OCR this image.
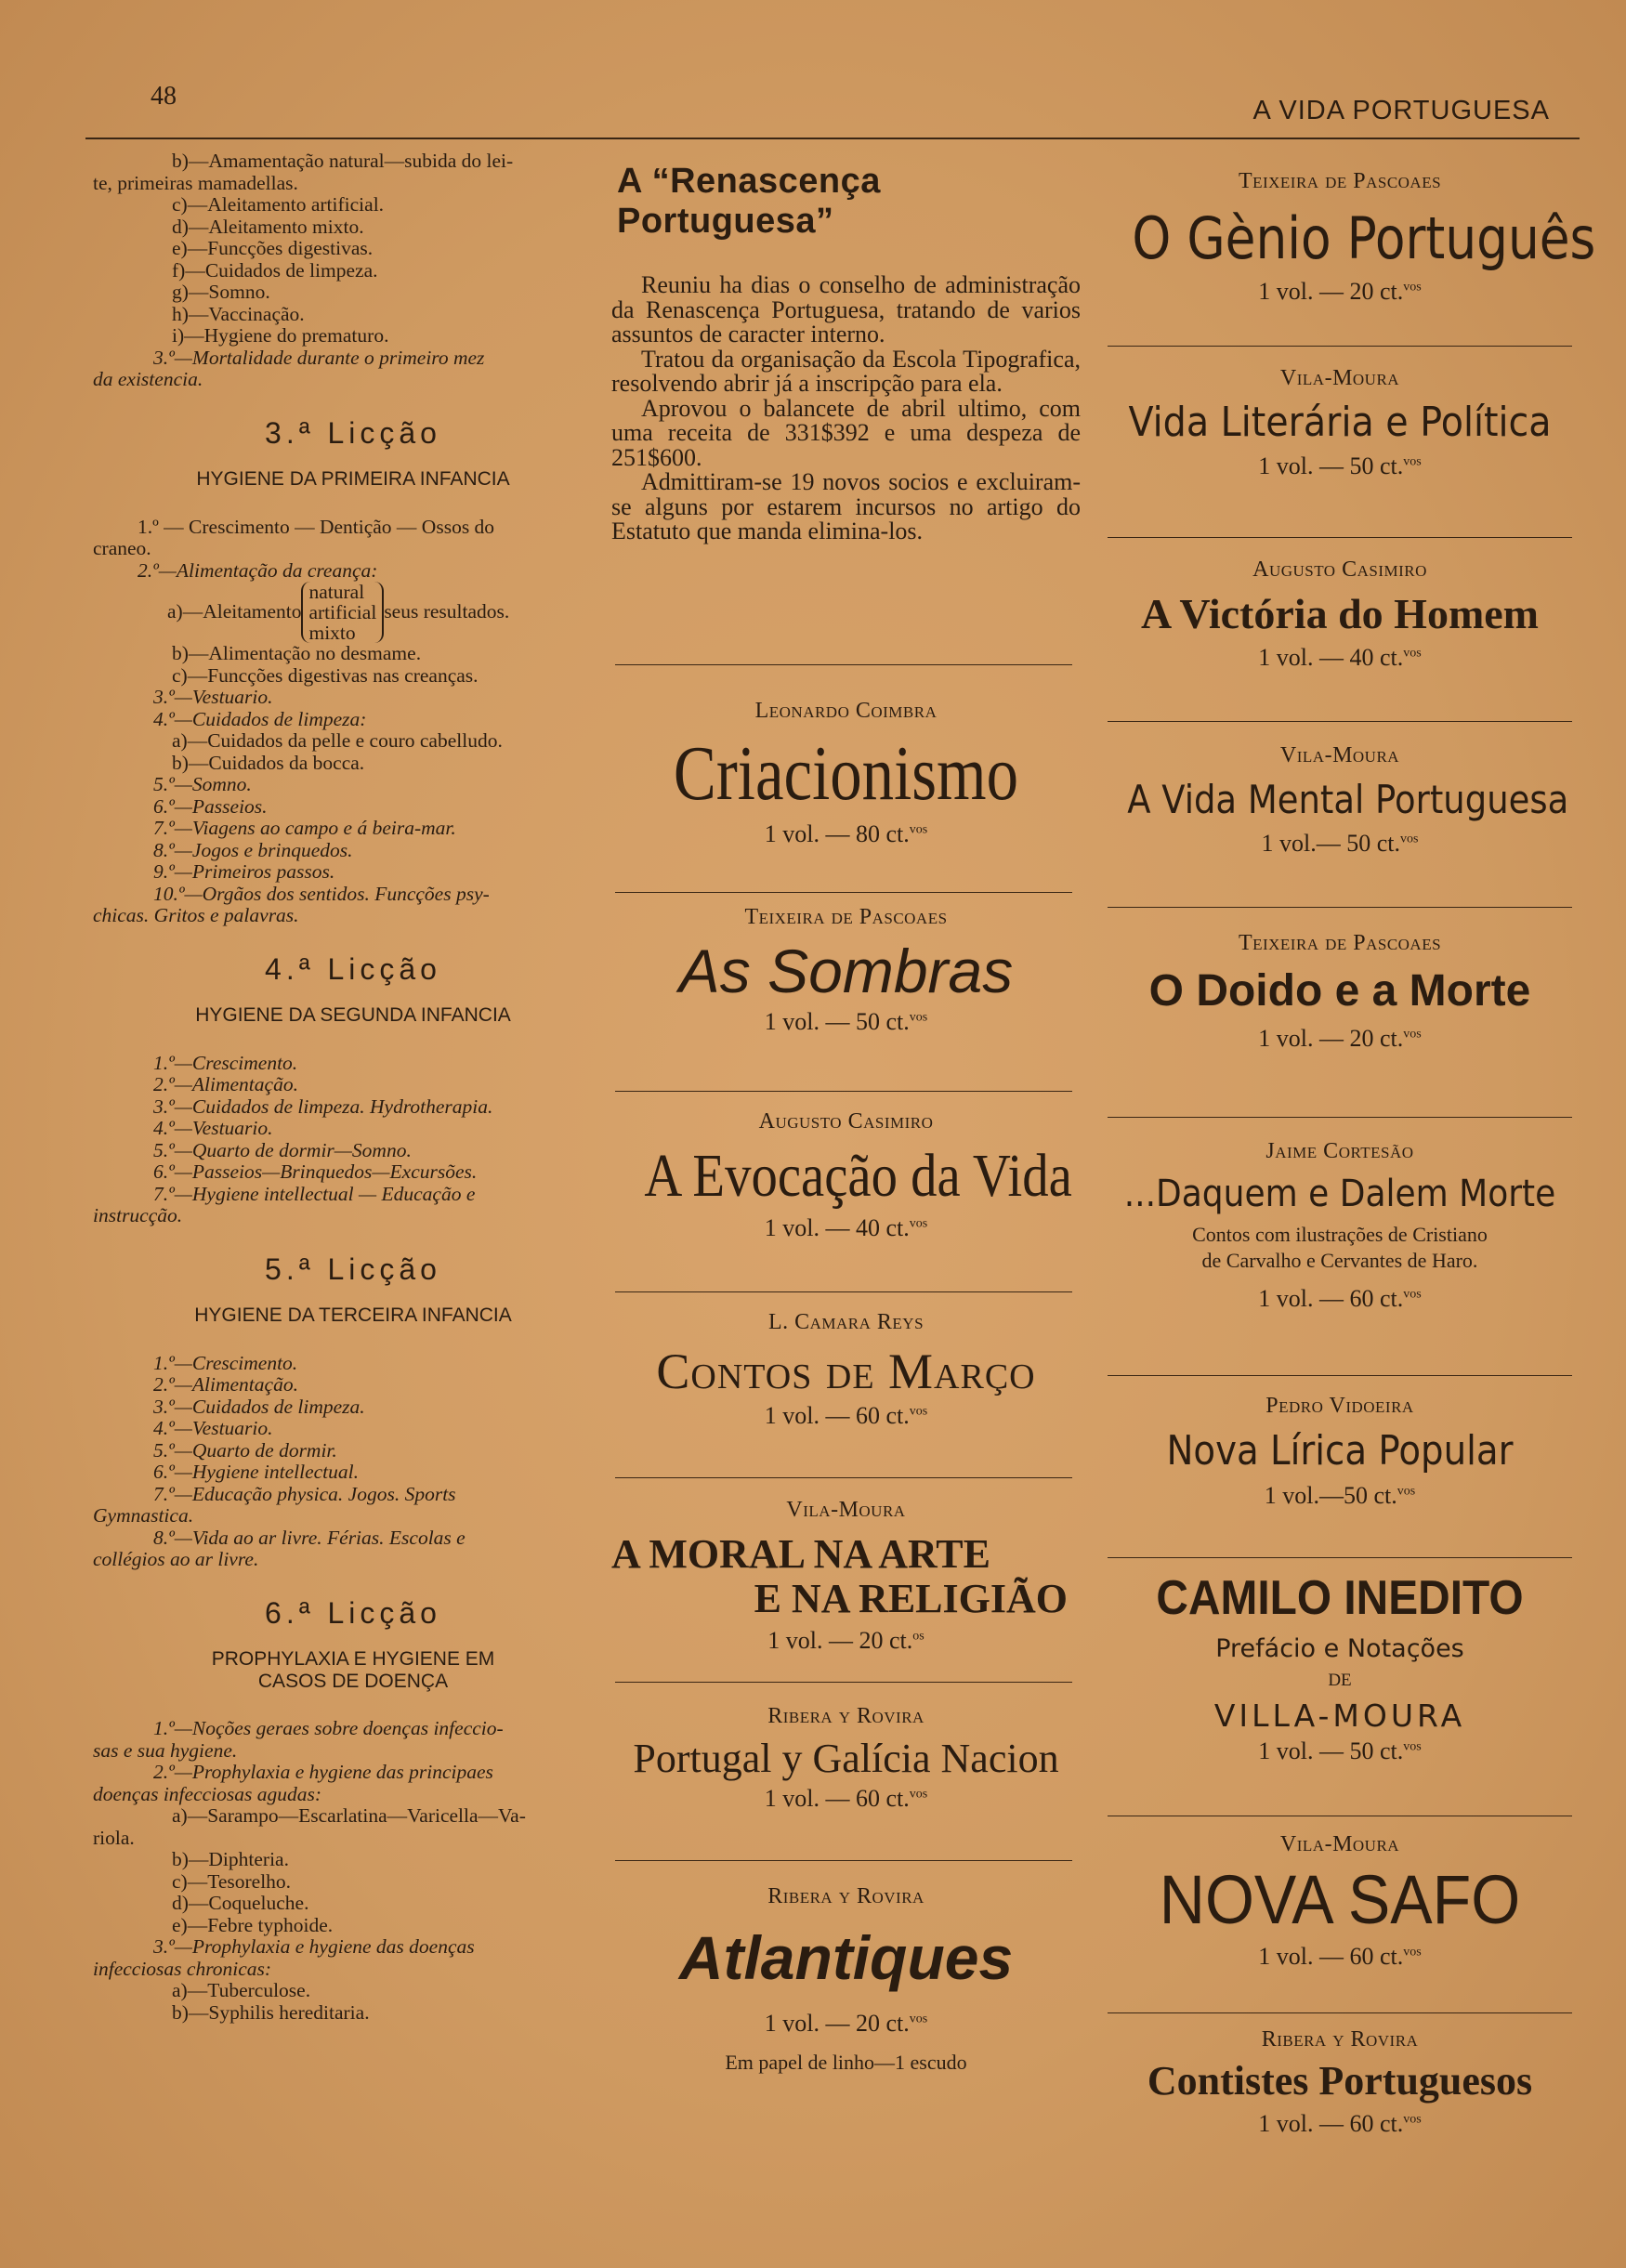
48	A VIDA PORTUGUESA

b)—Amamentação natural—subida do lei-

te, primeiras mamadellas.

c)—Aleitamento artificial.

d)—Aleitamento mixto.

e)—Funcções digestivas.

f)—Cuidados de limpeza.

g)—Somno.

h)—Vaccinação.

i)—Hygiene do prematuro.

3.º—Mortalidade durante o primeiro mez

da existencia.

3.ª Licção
HYGIENE DA PRIMEIRA INFANCIA

1.º — Crescimento — Dentição — Ossos do

craneo.

2.º—Alimentação da creança:

a)—Aleitamento
natural
artificial
mixto
seus resultados.

b)—Alimentação no desmame.

c)—Funcções digestivas nas creanças.

3.º—Vestuario.

4.º—Cuidados de limpeza:

a)—Cuidados da pelle e couro cabelludo.

b)—Cuidados da bocca.

5.º—Somno.

6.º—Passeios.

7.º—Viagens ao campo e á beira-mar.

8.º—Jogos e brinquedos.

9.º—Primeiros passos.

10.º—Orgãos dos sentidos. Funcções psy-

chicas. Gritos e palavras.

4.ª Licção
HYGIENE DA SEGUNDA INFANCIA

1.º—Crescimento.

2.º—Alimentação.

3.º—Cuidados de limpeza. Hydrotherapia.

4.º—Vestuario.

5.º—Quarto de dormir—Somno.

6.º—Passeios—Brinquedos—Excursões.

7.º—Hygiene intellectual — Educação e

instrucção.

5.ª Licção
HYGIENE DA TERCEIRA INFANCIA

1.º—Crescimento.

2.º—Alimentação.

3.º—Cuidados de limpeza.

4.º—Vestuario.

5.º—Quarto de dormir.

6.º—Hygiene intellectual.

7.º—Educação physica. Jogos. Sports

Gymnastica.

8.º—Vida ao ar livre. Férias. Escolas e

collégios ao ar livre.

6.ª Licção
PROPHYLAXIA E HYGIENE EM CASOS DE DOENÇA

1.º—Noções geraes sobre doenças infeccio-

sas e sua hygiene.

2.º—Prophylaxia e hygiene das principaes

doenças infecciosas agudas:

a)—Sarampo—Escarlatina—Varicella—Va-

riola.

b)—Diphteria.

c)—Tesorelho.

d)—Coqueluche.

e)—Febre typhoide.

3.º—Prophylaxia e hygiene das doenças

infecciosas chronicas:

a)—Tuberculose.

b)—Syphilis hereditaria.

A “Renascença Portuguesa”

Reuniu ha dias o conselho de administração da Renascença Portuguesa, tratando de varios assuntos de caracter interno.

Tratou da organisação da Escola Tipografica, resolvendo abrir já a inscripção para ela.

Aprovou o balancete de abril ultimo, com uma receita de 331$392 e uma despeza de 251$600.

Admittiram-se 19 novos socios e excluiram-se alguns por estarem incursos no artigo do Estatuto que manda elimina-los.

Leonardo Coimbra
Criacionismo
1 vol. — 80 ct.$^{vos}$
Teixeira de Pascoaes
As Sombras
1 vol. — 50 ct.$^{vos}$
Augusto Casimiro
A Evocação da Vida
1 vol. — 40 ct.$^{vos}$
L. Camara Reys
Contos de Março
1 vol. — 60 ct.$^{vos}$
Vila-Moura
A MORAL NA ARTE
E NA RELIGIÃO
1 vol. — 20 ct.$^{os}$
Ribera y Rovira
Portugal y Galícia Nacion
1 vol. — 60 ct.$^{vos}$
Ribera y Rovira
Atlantiques
1 vol. — 20 ct.$^{vos}$
Em papel de linho—1 escudo
Teixeira de Pascoaes
O Gènio Português
1 vol. — 20 ct.$^{vos}$
Vila-Moura
Vida Literária e Política
1 vol. — 50 ct.$^{vos}$
Augusto Casimiro
A Victória do Homem
1 vol. — 40 ct.$^{vos}$
Vila-Moura
A Vida Mental Portuguesa
1 vol.— 50 ct.$^{vos}$
Teixeira de Pascoaes
O Doido e a Morte
1 vol. — 20 ct.$^{vos}$
Jaime Cortesão
...Daquem e Dalem Morte
Contos com ilustrações de Cristiano de Carvalho e Cervantes de Haro.
1 vol. — 60 ct.$^{vos}$
Pedro Vidoeira
Nova Lírica Popular
1 vol.—50 ct.$^{vos}$
CAMILO INEDITO
Prefácio e Notações
DE
VILLA-MOURA
1 vol. — 50 ct.$^{vos}$
Vila-Moura
NOVA SAFO
1 vol. — 60 ct.$^{vos}$
Ribera y Rovira
Contistes Portuguesos
1 vol. — 60 ct.$^{vos}$
